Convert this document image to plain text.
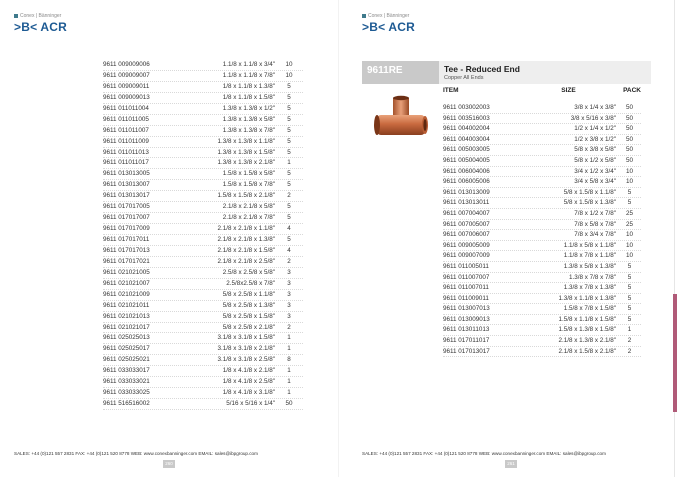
Conex | Bänninger
>B< ACR
9611 009009006	1.1/8 x 1.1/8 x 3/4"	10
9611 009009007	1.1/8 x 1.1/8 x 7/8"	10
9611 009009011	1/8 x 1.1/8 x 1.3/8"	5
9611 009009013	1/8 x 1.1/8 x 1.5/8"	5
9611 011011004	1.3/8 x 1.3/8 x 1/2"	5
9611 011011005	1.3/8 x 1.3/8 x 5/8"	5
9611 011011007	1.3/8 x 1.3/8 x 7/8"	5
9611 011011009	1.3/8 x 1.3/8 x 1.1/8"	5
9611 011011013	1.3/8 x 1.3/8 x 1.5/8"	5
9611 011011017	1.3/8 x 1.3/8 x 2.1/8"	1
9611 013013005	1.5/8 x 1.5/8 x 5/8"	5
9611 013013007	1.5/8 x 1.5/8 x 7/8"	5
9611 013013017	1.5/8 x 1.5/8 x 2.1/8"	2
9611 017017005	2.1/8 x 2.1/8 x 5/8"	5
9611 017017007	2.1/8 x 2.1/8 x 7/8"	5
9611 017017009	2.1/8 x 2.1/8 x 1.1/8"	4
9611 017017011	2.1/8 x 2.1/8 x 1.3/8"	5
9611 017017013	2.1/8 x 2.1/8 x 1.5/8"	4
9611 017017021	2.1/8 x 2.1/8 x 2.5/8"	2
9611 021021005	2.5/8 x 2.5/8 x 5/8"	3
9611 021021007	2.5/8x2.5/8 x 7/8"	3
9611 021021009	5/8 x 2.5/8 x 1.1/8"	3
9611 021021011	5/8 x 2.5/8 x 1.3/8"	3
9611 021021013	5/8 x 2.5/8 x 1.5/8"	3
9611 021021017	5/8 x 2.5/8 x 2.1/8"	2
9611 025025013	3.1/8 x 3.1/8 x 1.5/8"	1
9611 025025017	3.1/8 x 3.1/8 x 2.1/8"	1
9611 025025021	3.1/8 x 3.1/8 x 2.5/8"	8
9611 033033017	1/8 x 4.1/8 x 2.1/8"	1
9611 033033021	1/8 x 4.1/8 x 2.5/8"	1
9611 033033025	1/8 x 4.1/8 x 3.1/8"	1
9611 516516002	5/16 x 5/16 x 1/4"	50
SALES: +44 (0)121 557 2831 FAX: +44 (0)121 520 8778 WEB: www.conexbanninger.com EMAIL: sales@ibpgroup.com
260
Conex | Bänninger
>B< ACR
9611RE	Tee - Reduced End
Copper All Ends
ITEM	SIZE	PACK
9611 003002003	3/8 x 1/4 x 3/8"	50
9611 003516003	3/8 x 5/16 x 3/8"	50
9611 004002004	1/2 x 1/4 x 1/2"	50
9611 004003004	1/2 x 3/8 x 1/2"	50
9611 005003005	5/8 x 3/8 x 5/8"	50
9611 005004005	5/8 x 1/2 x 5/8"	50
9611 006004006	3/4 x 1/2 x 3/4"	10
9611 006005006	3/4 x 5/8 x 3/4"	10
9611 013013009	5/8 x 1.5/8 x 1.1/8"	5
9611 013013011	5/8 x 1.5/8 x 1.3/8"	5
9611 007004007	7/8 x 1/2 x 7/8"	25
9611 007005007	7/8 x 5/8 x 7/8"	25
9611 007006007	7/8 x 3/4 x 7/8"	10
9611 009005009	1.1/8 x 5/8 x 1.1/8"	10
9611 009007009	1.1/8 x 7/8 x 1.1/8"	10
9611 011005011	1.3/8 x 5/8 x 1.3/8"	5
9611 011007007	1.3/8 x 7/8 x 7/8"	5
9611 011007011	1.3/8 x 7/8 x 1.3/8"	5
9611 011009011	1.3/8 x 1.1/8 x 1.3/8"	5
9611 013007013	1.5/8 x 7/8 x 1.5/8"	5
9611 013009013	1.5/8 x 1.1/8 x 1.5/8"	5
9611 013011013	1.5/8 x 1.3/8 x 1.5/8"	1
9611 017011017	2.1/8 x 1.3/8 x 2.1/8"	2
9611 017013017	2.1/8 x 1.5/8 x 2.1/8"	2
SALES: +44 (0)121 557 2831 FAX: +44 (0)121 520 8778 WEB: www.conexbanninger.com EMAIL: sales@ibpgroup.com
261
